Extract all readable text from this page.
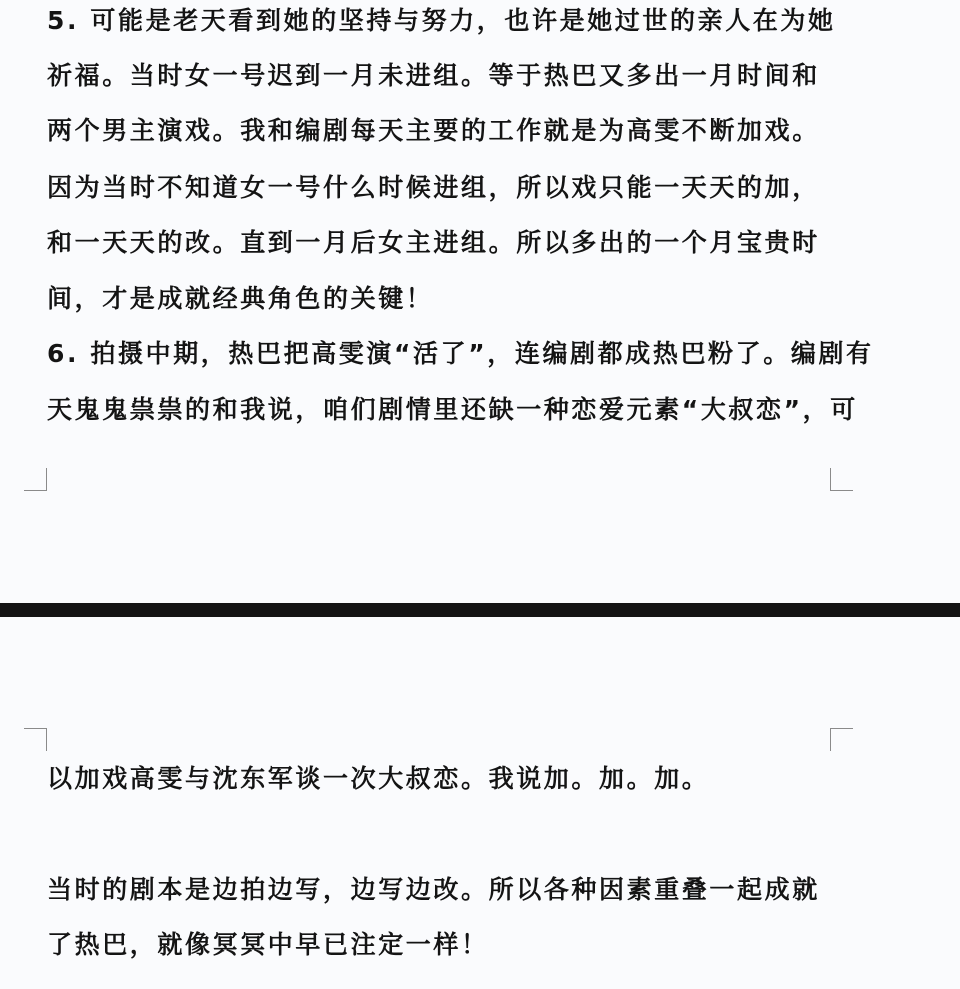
5. 可能是老天看到她的坚持与努力，也许是她过世的亲人在为她

祈福。当时女一号迟到一月未进组。等于热巴又多出一月时间和

两个男主演戏。我和编剧每天主要的工作就是为高雯不断加戏。

因为当时不知道女一号什么时候进组，所以戏只能一天天的加，

和一天天的改。直到一月后女主进组。所以多出的一个月宝贵时

间，才是成就经典角色的关键！

6. 拍摄中期，热巴把高雯演“活了”，连编剧都成热巴粉了。编剧有

天鬼鬼祟祟的和我说，咱们剧情里还缺一种恋爱元素“大叔恋”，可

以加戏高雯与沈东军谈一次大叔恋。我说加。加。加。

当时的剧本是边拍边写，边写边改。所以各种因素重叠一起成就

了热巴，就像冥冥中早已注定一样！
